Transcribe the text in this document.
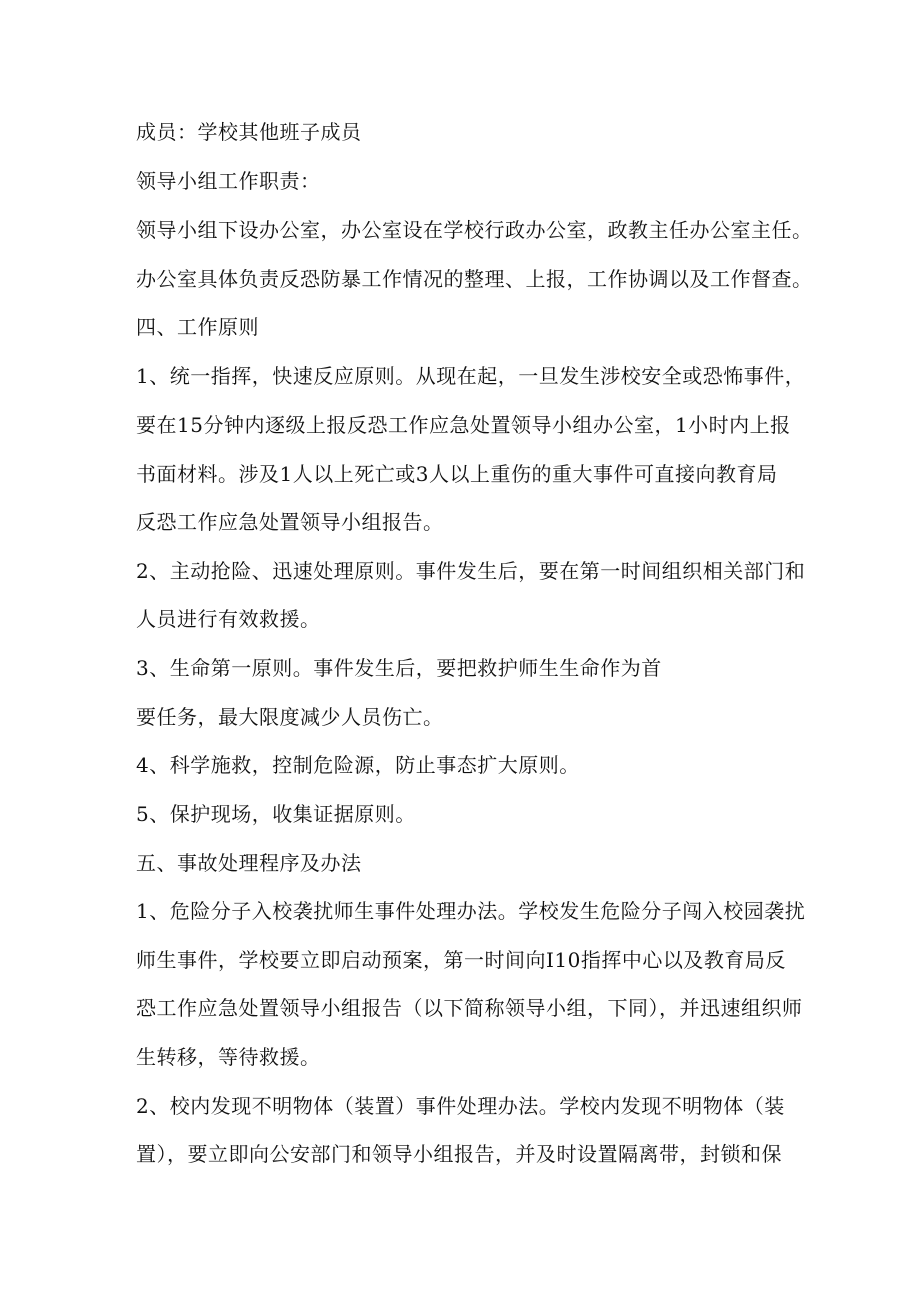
成员：学校其他班子成员
领导小组工作职责：
领导小组下设办公室，办公室设在学校行政办公室，政教主任办公室主任。
办公室具体负责反恐防暴工作情况的整理、上报，工作协调以及工作督查。
四、工作原则
1、统一指挥，快速反应原则。从现在起，一旦发生涉校安全或恐怖事件，
要在15分钟内逐级上报反恐工作应急处置领导小组办公室，1小时内上报
书面材料。涉及1人以上死亡或3人以上重伤的重大事件可直接向教育局
反恐工作应急处置领导小组报告。
2、主动抢险、迅速处理原则。事件发生后，要在第一时间组织相关部门和
人员进行有效救援。
3、生命第一原则。事件发生后，要把救护师生生命作为首
要任务，最大限度减少人员伤亡。
4、科学施救，控制危险源，防止事态扩大原则。
5、保护现场，收集证据原则。
五、事故处理程序及办法
1、危险分子入校袭扰师生事件处理办法。学校发生危险分子闯入校园袭扰
师生事件，学校要立即启动预案，第一时间向I10指挥中心以及教育局反
恐工作应急处置领导小组报告（以下简称领导小组，下同），并迅速组织师
生转移，等待救援。
2、校内发现不明物体（装置）事件处理办法。学校内发现不明物体（装
置），要立即向公安部门和领导小组报告，并及时设置隔离带，封锁和保
